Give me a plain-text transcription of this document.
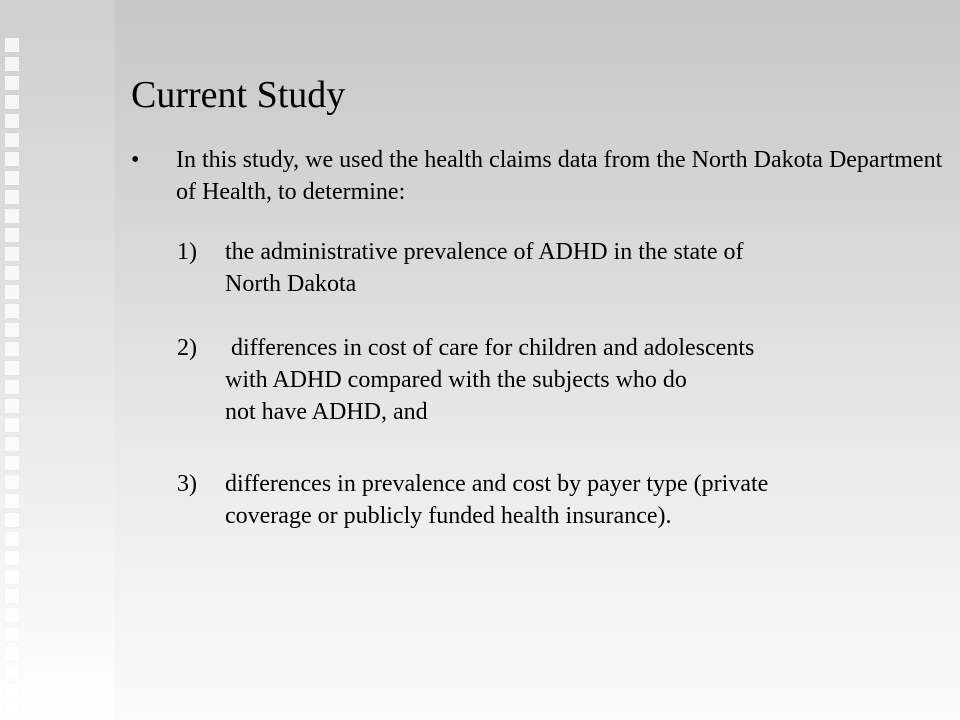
Current Study
•	In this study, we used the health claims data from the North Dakota Department of Health, to determine:
1)	the administrative prevalence of ADHD in the state of
North Dakota
2)	differences in cost of care for children and adolescents
with ADHD compared with the subjects who do
not have ADHD, and
3)	differences in prevalence and cost by payer type (private
coverage or publicly funded health insurance).
